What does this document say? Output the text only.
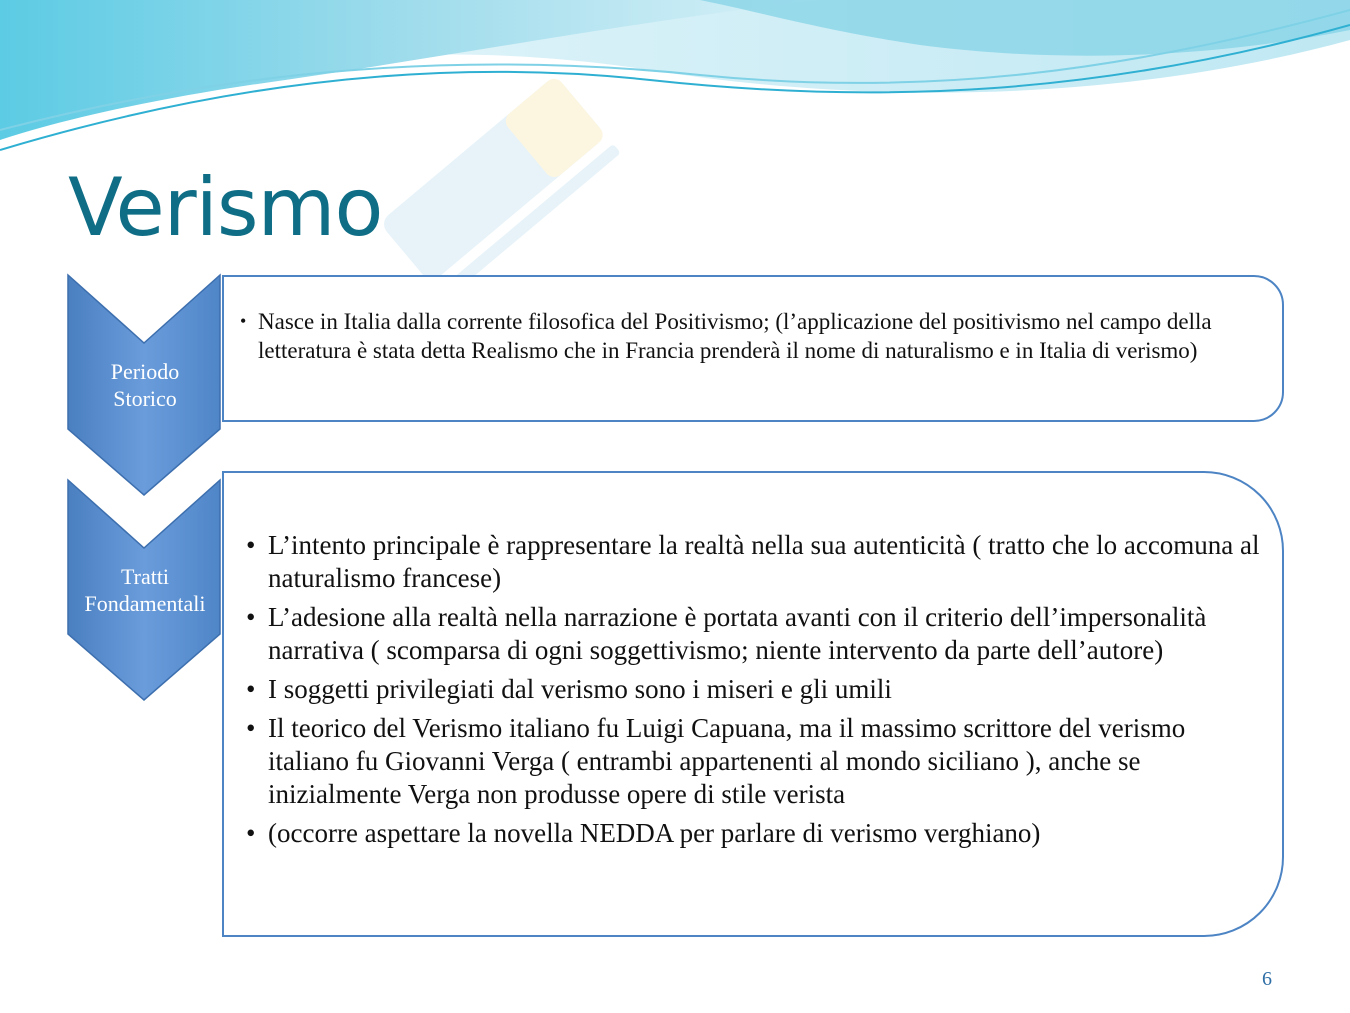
Verismo
Periodo
Storico
Tratti
Fondamentali
• Nasce in Italia dalla corrente filosofica del Positivismo; (l’applicazione del positivismo nel campo della letteratura è stata detta Realismo che in Francia prenderà il nome di naturalismo e in Italia di verismo)
• L’intento principale è rappresentare la realtà nella sua autenticità ( tratto che lo accomuna al naturalismo francese)
• L’adesione alla realtà nella narrazione è portata avanti con il criterio dell’impersonalità narrativa ( scomparsa di ogni soggettivismo; niente intervento da parte dell’autore)
• I soggetti privilegiati dal verismo sono i miseri e gli umili
• Il teorico del Verismo italiano fu Luigi Capuana, ma il massimo scrittore del verismo italiano fu Giovanni Verga ( entrambi appartenenti al mondo siciliano ), anche se inizialmente Verga non produsse opere di stile verista
• (occorre aspettare la novella NEDDA per parlare di verismo verghiano)
6
